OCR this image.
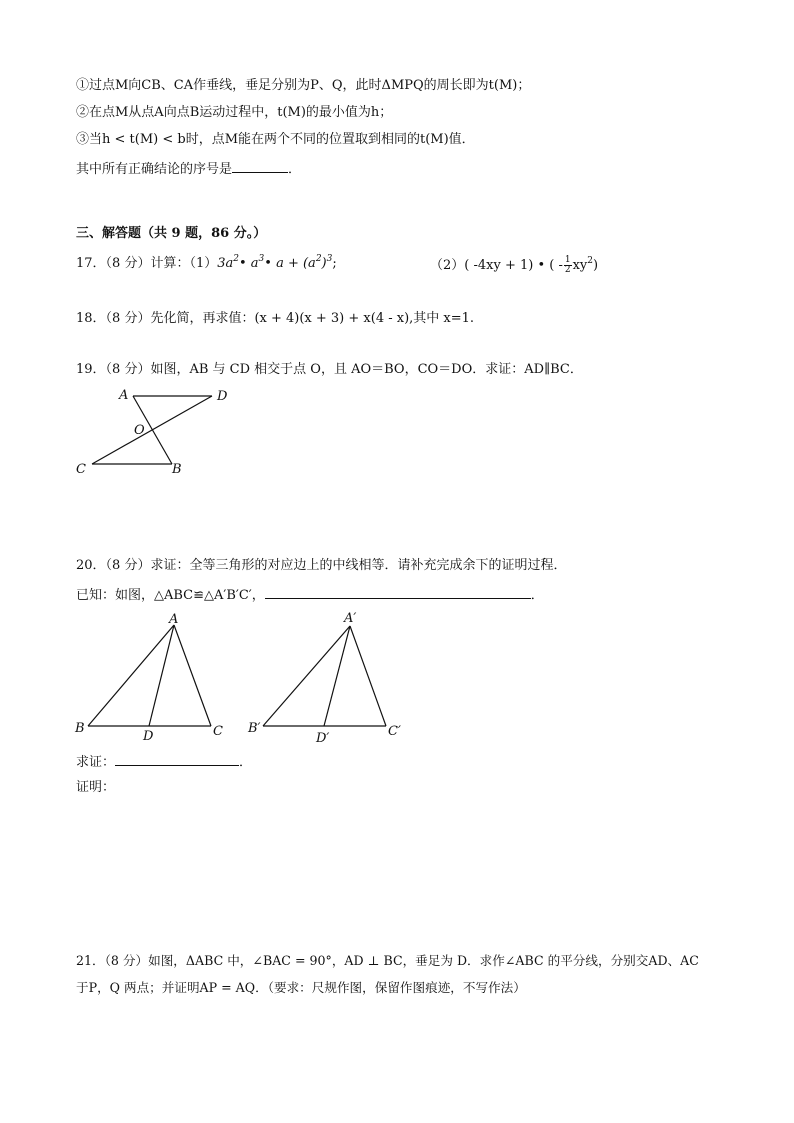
①过点M向CB、CA作垂线，垂足分别为P、Q，此时ΔMPQ的周长即为t(M)；
②在点M从点A向点B运动过程中，t(M)的最小值为h；
③当h < t(M) < b时，点M能在两个不同的位置取到相同的t(M)值．
其中所有正确结论的序号是	．
三、解答题（共 9 题，86 分。）
17．（8 分）计算：$(1)3a^2•$ $a^3•$ $a + (a^2)^3$;	（2）( -4xy + 1) • ( - $\frac{1}{2} xy^2$)
18．（8 分）先化简，再求值：(x + 4)(x + 3) + x(4 - x),其中 x=1.
19．（8 分）如图，AB 与 CD 相交于点 O，且 AO＝BO，CO＝DO．求证：AD∥BC．
A	D
O
C	B
20．（8 分）求证：全等三角形的对应边上的中线相等．请补充完成余下的证明过程．
已知：如图，△ABC≌△A′B′C′，	．
A
B	C
D
A′
B′	C′
D′
求证：	．
证明：
21．（8 分）如图，ΔABC 中，∠BAC = 90°，AD ⊥ BC，垂足为 D．求作∠ABC 的平分线，分别交AD、AC
于P，Q 两点；并证明AP = AQ．（要求：尺规作图，保留作图痕迹，不写作法）
